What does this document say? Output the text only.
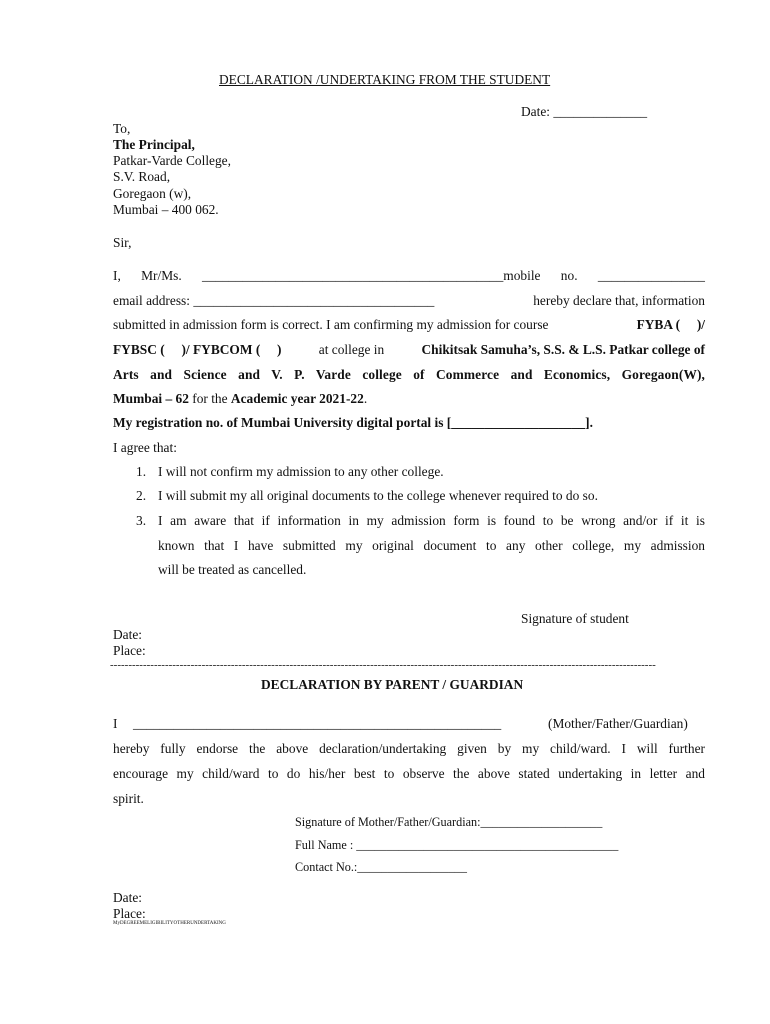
DECLARATION /UNDERTAKING FROM THE STUDENT
Date: ______________
To,
The Principal,
Patkar-Varde College,
S.V. Road,
Goregaon (w),
Mumbai – 400 062.
Sir,
I, Mr/Ms. _____________________________________________mobile no. ________________
email address: ____________________________________	hereby declare that, information
submitted in admission form is correct. I am confirming my admission for course	FYBA (     )/
FYBSC (     )/ FYBCOM (     )	at college in	Chikitsak Samuha’s, S.S. & L.S. Patkar college of
Arts and Science and V. P. Varde college of Commerce and Economics, Goregaon(W),
Mumbai – 62 for the Academic year 2021-22.
My registration no. of Mumbai University digital portal is [____________________].
I agree that:
1. I will not confirm my admission to any other college.
2. I will submit my all original documents to the college whenever required to do so.
3. I am aware that if information in my admission form is found to be wrong and/or if it is
known that I have submitted my original document to any other college, my admission
will be treated as cancelled.
Signature of student
Date:
Place:
-----------------------------------------------------------------------------------------------------------------------------------------------------
DECLARATION BY PARENT / GUARDIAN
I _______________________________________________________	(Mother/Father/Guardian)
hereby fully endorse the above declaration/undertaking given by my child/ward. I will further
encourage my child/ward to do his/her best to observe the above stated undertaking in letter and
spirit.
Signature of Mother/Father/Guardian:____________________
Full Name : ___________________________________________
Contact No.:__________________
Date:
Place:
MyDEGREEMELIGIBILITYOTHERUNDERTAKING
